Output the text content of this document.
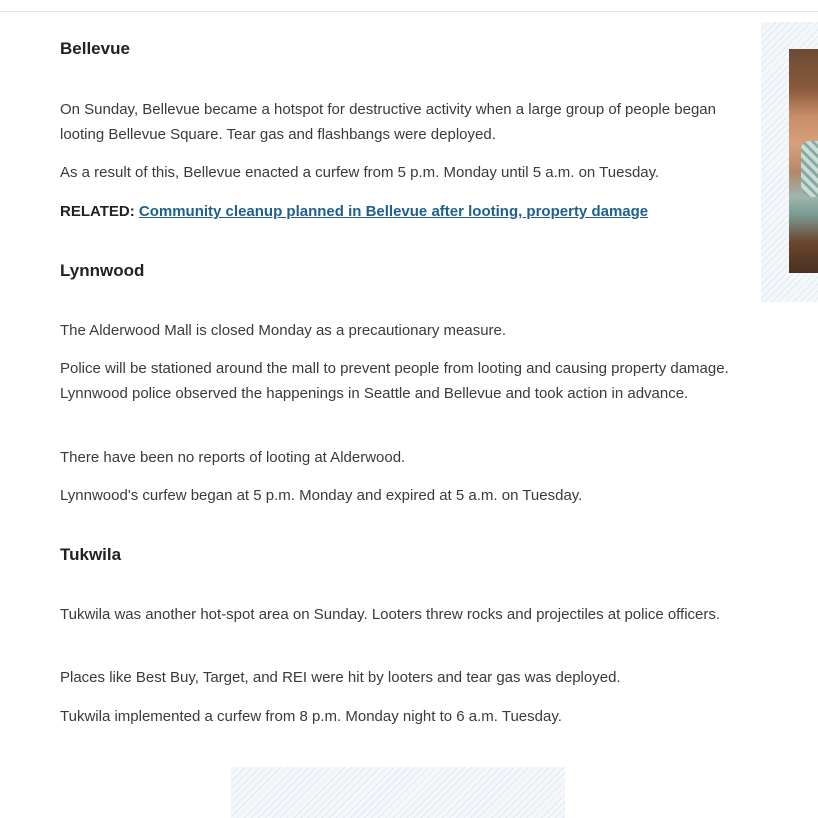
Bellevue

On Sunday, Bellevue became a hotspot for destructive activity when a large group of people began looting Bellevue Square. Tear gas and flashbangs were deployed.

As a result of this, Bellevue enacted a curfew from 5 p.m. Monday until 5 a.m. on Tuesday.

RELATED: Community cleanup planned in Bellevue after looting, property damage
Lynnwood

The Alderwood Mall is closed Monday as a precautionary measure.

Police will be stationed around the mall to prevent people from looting and causing property damage. Lynnwood police observed the happenings in Seattle and Bellevue and took action in advance.

There have been no reports of looting at Alderwood.

Lynnwood's curfew began at 5 p.m. Monday and expired at 5 a.m. on Tuesday.

Tukwila

Tukwila was another hot-spot area on Sunday. Looters threw rocks and projectiles at police officers.

Places like Best Buy, Target, and REI were hit by looters and tear gas was deployed.

Tukwila implemented a curfew from 8 p.m. Monday night to 6 a.m. Tuesday.
